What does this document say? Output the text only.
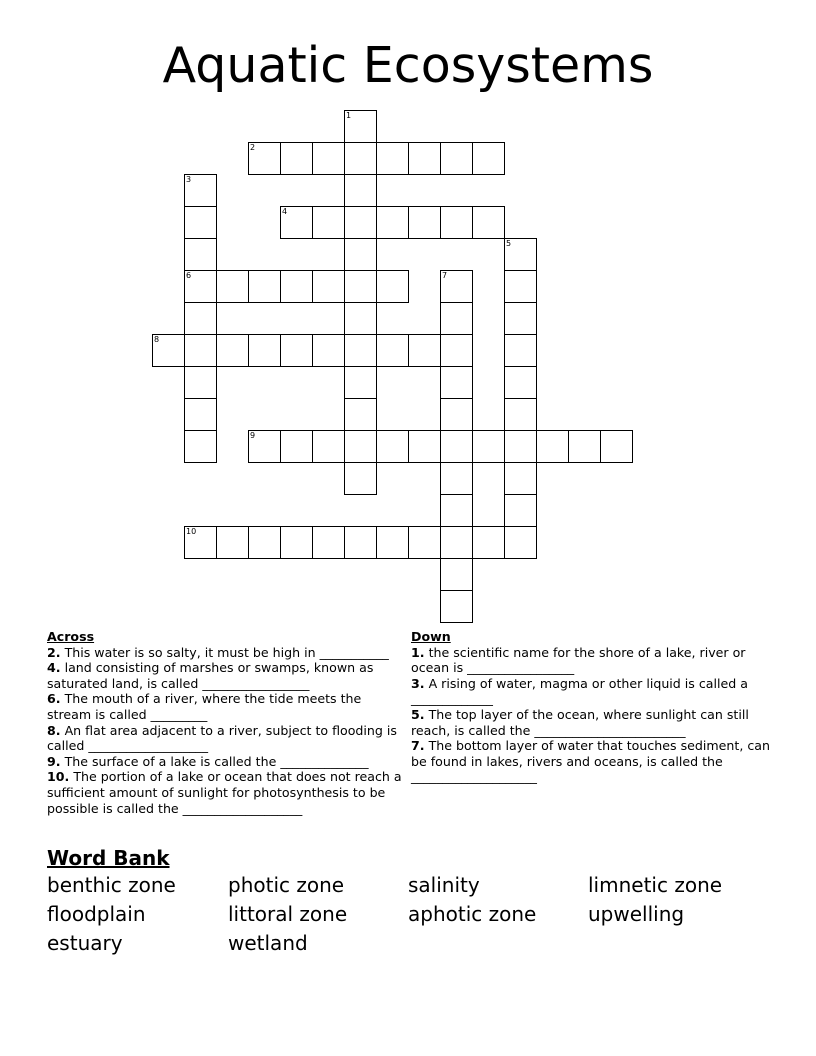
Aquatic Ecosystems
1
2
3
6
4
5
7
8
9
10
Across
2. This water is so salty, it must be high in ___________
4. land consisting of marshes or swamps, known as saturated land, is called _________________
6. The mouth of a river, where the tide meets the stream is called _________
8. An flat area adjacent to a river, subject to flooding is called ___________________
9. The surface of a lake is called the ______________
10. The portion of a lake or ocean that does not reach a sufficient amount of sunlight for photosynthesis to be possible is called the ___________________
Down
1. the scientific name for the shore of a lake, river or ocean is _________________
3. A rising of water, magma or other liquid is called a _____________
5. The top layer of the ocean, where sunlight can still reach, is called the ________________________
7. The bottom layer of water that touches sediment, can be found in lakes, rivers and oceans, is called the ____________________
Word Bank
benthic zone	photic zone	salinity	limnetic zone
floodplain	littoral zone	aphotic zone	upwelling
estuary	wetland
